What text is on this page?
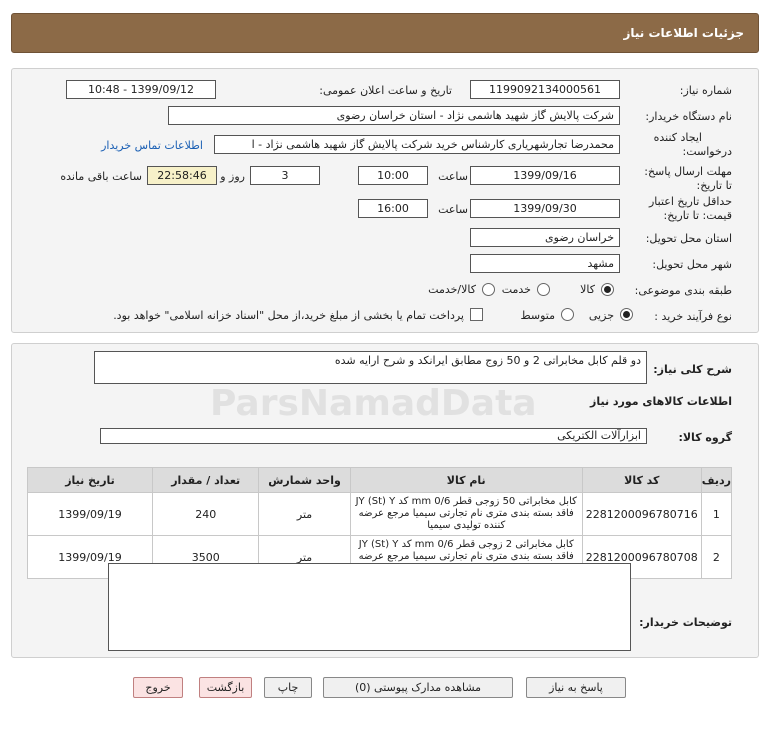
جزئیات اطلاعات نیاز
شماره نیاز:
1199092134000561
تاریخ و ساعت اعلان عمومی:
1399/09/12 - 10:48
نام دستگاه خریدار:
شرکت پالایش گاز شهید هاشمی نژاد - استان خراسان رضوی
ایجاد کننده
درخواست:
محمدرضا تجارشهریاری کارشناس خرید شرکت پالایش گاز شهید هاشمی نژاد - ا
اطلاعات تماس خریدار
مهلت ارسال پاسخ:
تا تاریخ:
1399/09/16
ساعت
10:00
3
روز و
22:58:46
ساعت باقی مانده
حداقل تاریخ اعتبار
قیمت: تا تاریخ:
1399/09/30
ساعت
16:00
استان محل تحویل:
خراسان رضوی
شهر محل تحویل:
مشهد
طبقه بندی موضوعی:
کالا
خدمت
کالا/خدمت
نوع فرآیند خرید :
جزیی
متوسط
پرداخت تمام یا بخشی از مبلغ خرید،از محل "اسناد خزانه اسلامی" خواهد بود.
شرح کلی نیاز:
دو قلم کابل مخابراتی 2 و 50 زوج مطابق ایرانکد و شرح ارایه شده
اطلاعات کالاهای مورد نیاز
گروه کالا:
ابزارآلات الکتریکی
ردیف	کد کالا	نام کالا	واحد شمارش	تعداد / مقدار	تاریخ نیاز
1	2281200096780716	کابل مخابراتی 50 زوجی قطر 0/6 mm کد JY (St) Y فاقد بسته بندی متری نام تجارتی سیمیا مرجع عرضه کننده تولیدی سیمیا	متر	240	1399/09/19
2	2281200096780708	کابل مخابراتی 2 زوجی قطر 0/6 mm کد JY (St) Y فاقد بسته بندی متری نام تجارتی سیمیا مرجع عرضه	متر	3500	1399/09/19
توضیحات خریدار:
ParsNamadData
پاسخ به نیاز
مشاهده مدارک پیوستی (0)
چاپ
بازگشت
خروج
